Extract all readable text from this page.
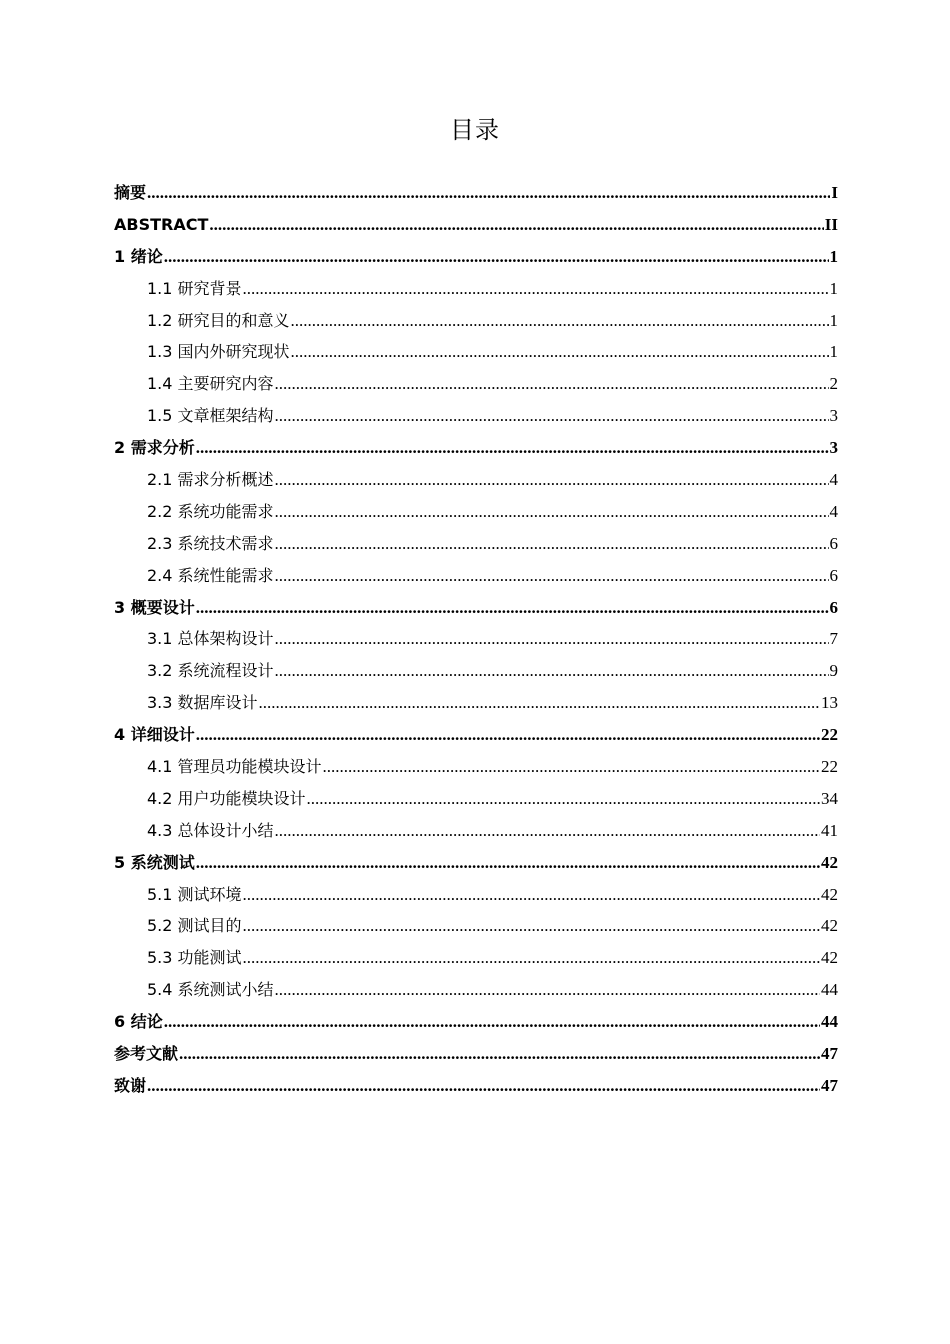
目录
摘要 .....	I
ABSTRACT .....	II
1 绪论 .....	1
1.1 研究背景 .....	1
1.2 研究目的和意义 .....	1
1.3 国内外研究现状 .....	1
1.4 主要研究内容 .....	2
1.5 文章框架结构 .....	3
2 需求分析 .....	3
2.1 需求分析概述 .....	4
2.2 系统功能需求 .....	4
2.3 系统技术需求 .....	6
2.4 系统性能需求 .....	6
3 概要设计 .....	6
3.1 总体架构设计 .....	7
3.2 系统流程设计 .....	9
3.3 数据库设计 .....	13
4 详细设计 .....	22
4.1 管理员功能模块设计 .....	22
4.2 用户功能模块设计 .....	34
4.3 总体设计小结 .....	41
5 系统测试 .....	42
5.1 测试环境 .....	42
5.2 测试目的 .....	42
5.3 功能测试 .....	42
5.4 系统测试小结 .....	44
6 结论 .....	44
参考文献 .....	47
致谢 .....	47
